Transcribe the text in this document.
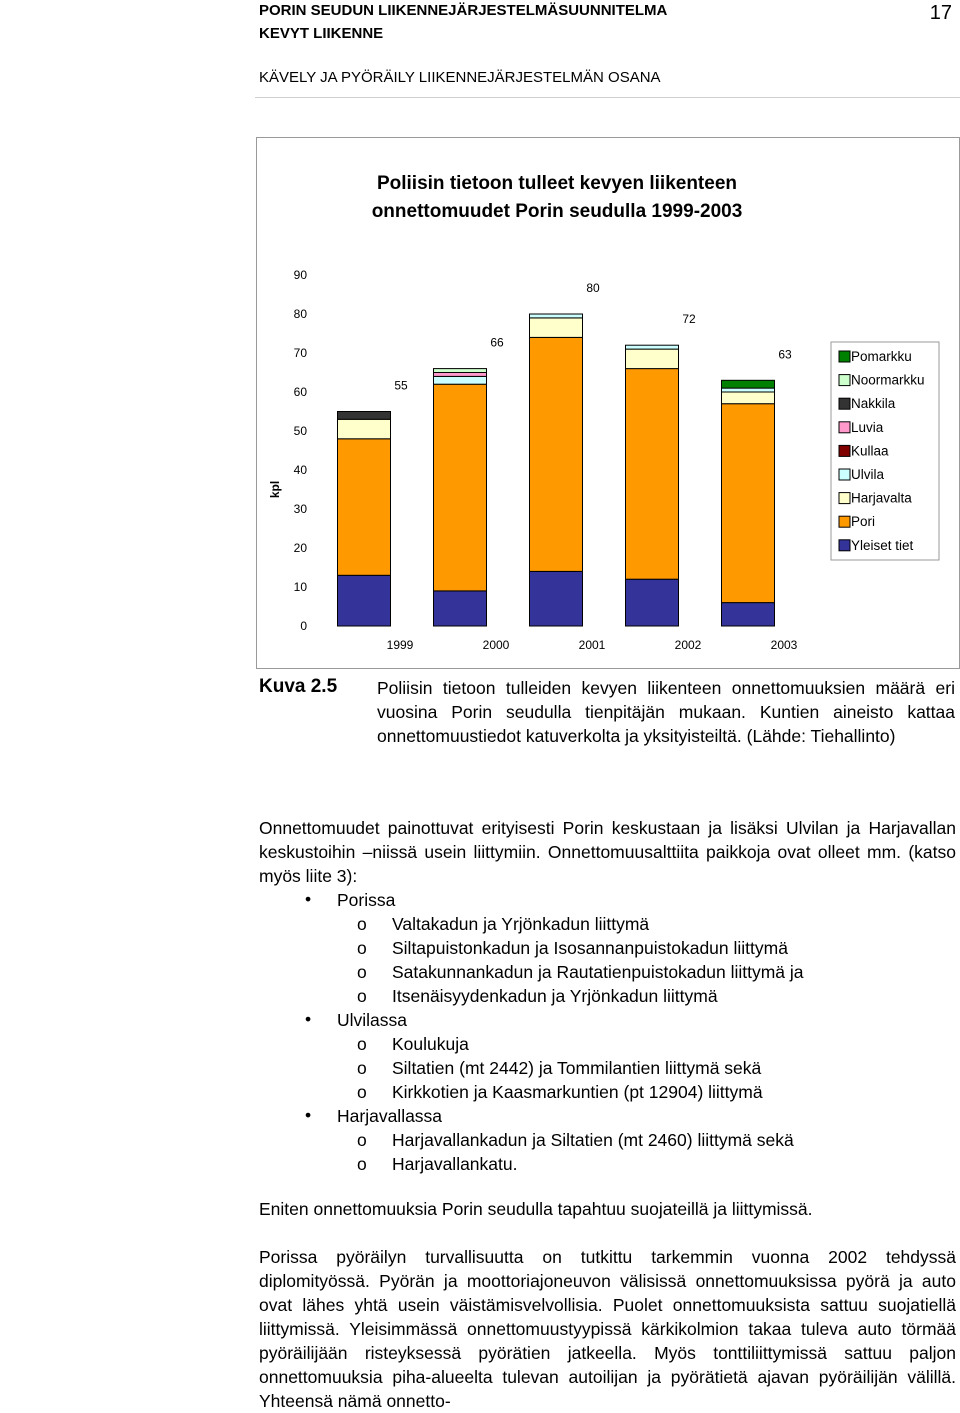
PORIN SEUDUN LIIKENNEJÄRJESTELMÄSUUNNITELMA
KEVYT LIIKENNE
17
KÄVELY JA PYÖRÄILY LIIKENNEJÄRJESTELMÄN OSANA
Poliisin tietoon tulleet kevyen liikenteen
onnettomuudet Porin seudulla 1999-2003
0
10
20
30
40
50
60
70
80
90
kpl
55
1999
66
2000
80
2001
72
2002
63
2003
Pomarkku
Noormarkku
Nakkila
Luvia
Kullaa
Ulvila
Harjavalta
Pori
Yleiset tiet
Kuva 2.5 Poliisin tietoon tulleiden kevyen liikenteen onnettomuuksien määrä eri vuosina Porin seudulla tienpitäjän mukaan. Kuntien aineisto kattaa onnettomuustiedot katuverkolta ja yksityisteiltä. (Lähde: Tiehallinto)
Onnettomuudet painottuvat erityisesti Porin keskustaan ja lisäksi Ulvilan ja Harjavallan keskustoihin –niissä usein liittymiin. Onnettomuusalttiita paikkoja ovat olleet mm. (katso myös liite 3):
• Porissa
o Valtakadun ja Yrjönkadun liittymä
o Siltapuistonkadun ja Isosannanpuistokadun liittymä
o Satakunnankadun ja Rautatienpuistokadun liittymä ja
o Itsenäisyydenkadun ja Yrjönkadun liittymä
• Ulvilassa
o Koulukuja
o Siltatien (mt 2442) ja Tommilantien liittymä sekä
o Kirkkotien ja Kaasmarkuntien (pt 12904) liittymä
• Harjavallassa
o Harjavallankadun ja Siltatien (mt 2460) liittymä sekä
o Harjavallankatu.
Eniten onnettomuuksia Porin seudulla tapahtuu suojateillä ja liittymissä.
Porissa pyöräilyn turvallisuutta on tutkittu tarkemmin vuonna 2002 tehdyssä diplomityössä. Pyörän ja moottoriajoneuvon välisissä onnettomuuksissa pyörä ja auto ovat lähes yhtä usein väistämisvelvollisia. Puolet onnettomuuksista sattuu suojatiellä liittymissä. Yleisimmässä onnettomuustyypissä kärkikolmion takaa tuleva auto törmää pyöräilijään risteyksessä pyörätien jatkeella. Myös tonttiliittymissä sattuu paljon onnettomuuksia piha-alueelta tulevan autoilijan ja pyörätietä ajavan pyöräilijän välillä. Yhteensä nämä onnetto-
